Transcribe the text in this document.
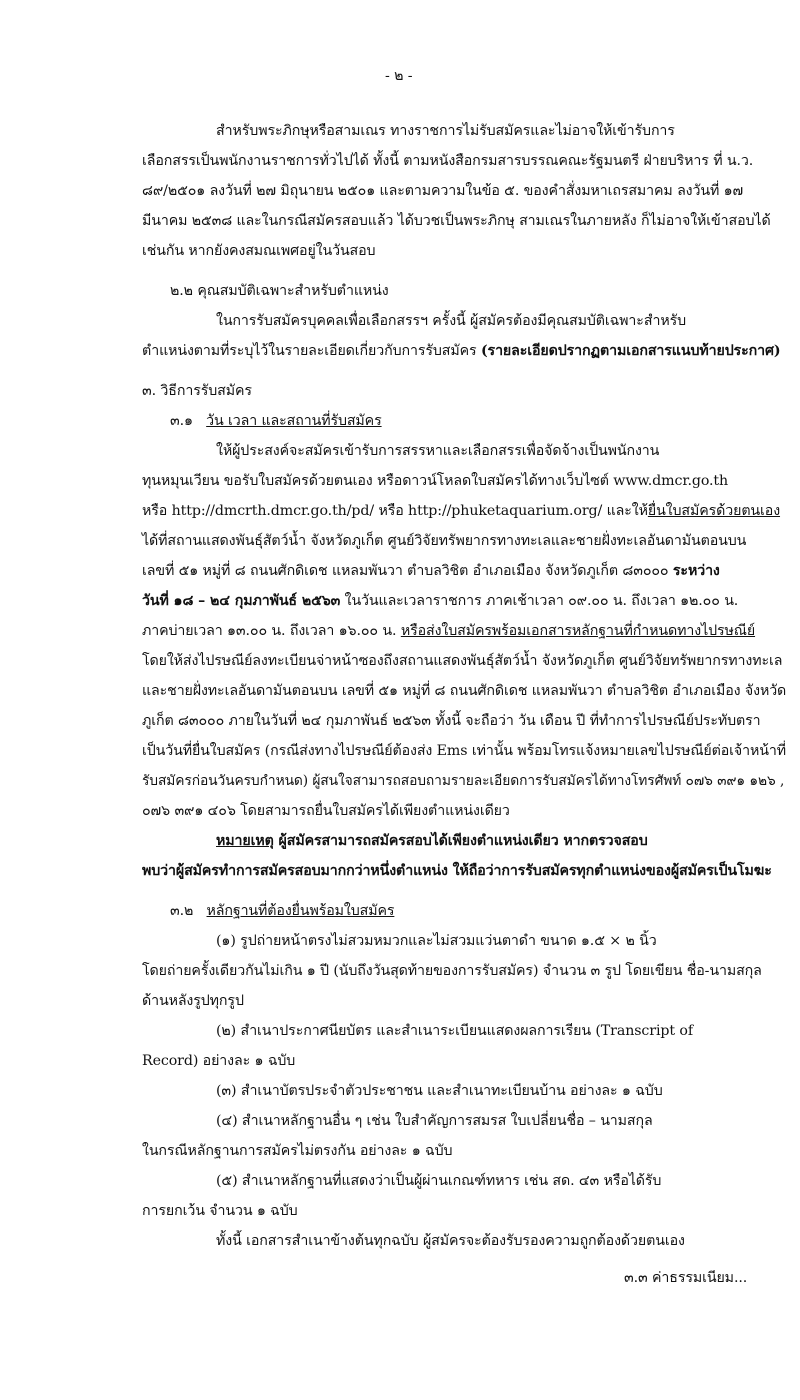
- ๒ -
สำหรับพระภิกษุหรือสามเณร ทางราชการไม่รับสมัครและไม่อาจให้เข้ารับการ
เลือกสรรเป็นพนักงานราชการทั่วไปได้ ทั้งนี้ ตามหนังสือกรมสารบรรณคณะรัฐมนตรี ฝ่ายบริหาร ที่ น.ว.
๘๙/๒๕๐๑ ลงวันที่ ๒๗ มิถุนายน ๒๕๐๑ และตามความในข้อ ๕. ของคำสั่งมหาเถรสมาคม ลงวันที่ ๑๗
มีนาคม ๒๕๓๘ และในกรณีสมัครสอบแล้ว ได้บวชเป็นพระภิกษุ สามเณรในภายหลัง ก็ไม่อาจให้เข้าสอบได้
เช่นกัน หากยังคงสมณเพศอยู่ในวันสอบ
๒.๒ คุณสมบัติเฉพาะสำหรับตำแหน่ง
ในการรับสมัครบุคคลเพื่อเลือกสรรฯ ครั้งนี้ ผู้สมัครต้องมีคุณสมบัติเฉพาะสำหรับ
ตำแหน่งตามที่ระบุไว้ในรายละเอียดเกี่ยวกับการรับสมัคร (รายละเอียดปรากฏตามเอกสารแนบท้ายประกาศ)
๓. วิธีการรับสมัคร
๓.๑ วัน เวลา และสถานที่รับสมัคร
ให้ผู้ประสงค์จะสมัครเข้ารับการสรรหาและเลือกสรรเพื่อจัดจ้างเป็นพนักงาน
ทุนหมุนเวียน ขอรับใบสมัครด้วยตนเอง หรือดาวน์โหลดใบสมัครได้ทางเว็บไซต์ www.dmcr.go.th
หรือ http://dmcrth.dmcr.go.th/pd/ หรือ http://phuketaquarium.org/ และให้ยื่นใบสมัครด้วยตนเอง
ได้ที่สถานแสดงพันธุ์สัตว์น้ำ จังหวัดภูเก็ต ศูนย์วิจัยทรัพยากรทางทะเลและชายฝั่งทะเลอันดามันตอนบน
เลขที่ ๕๑ หมู่ที่ ๘ ถนนศักดิเดช แหลมพันวา ตำบลวิชิต อำเภอเมือง จังหวัดภูเก็ต ๘๓๐๐๐ ระหว่าง
วันที่ ๑๘ – ๒๔ กุมภาพันธ์ ๒๕๖๓ ในวันและเวลาราชการ ภาคเช้าเวลา ๐๙.๐๐ น. ถึงเวลา ๑๒.๐๐ น.
ภาคบ่ายเวลา ๑๓.๐๐ น. ถึงเวลา ๑๖.๐๐ น. หรือส่งใบสมัครพร้อมเอกสารหลักฐานที่กำหนดทางไปรษณีย์
โดยให้ส่งไปรษณีย์ลงทะเบียนจ่าหน้าซองถึงสถานแสดงพันธุ์สัตว์น้ำ จังหวัดภูเก็ต ศูนย์วิจัยทรัพยากรทางทะเล
และชายฝั่งทะเลอันดามันตอนบน เลขที่ ๕๑ หมู่ที่ ๘ ถนนศักดิเดช แหลมพันวา ตำบลวิชิต อำเภอเมือง จังหวัด
ภูเก็ต ๘๓๐๐๐ ภายในวันที่ ๒๔ กุมภาพันธ์ ๒๕๖๓ ทั้งนี้ จะถือว่า วัน เดือน ปี ที่ทำการไปรษณีย์ประทับตรา
เป็นวันที่ยื่นใบสมัคร (กรณีส่งทางไปรษณีย์ต้องส่ง Ems เท่านั้น พร้อมโทรแจ้งหมายเลขไปรษณีย์ต่อเจ้าหน้าที่
รับสมัครก่อนวันครบกำหนด) ผู้สนใจสามารถสอบถามรายละเอียดการรับสมัครได้ทางโทรศัพท์ ๐๗๖ ๓๙๑ ๑๒๖ ,
๐๗๖ ๓๙๑ ๔๐๖ โดยสามารถยื่นใบสมัครได้เพียงตำแหน่งเดียว
หมายเหตุ ผู้สมัครสามารถสมัครสอบได้เพียงตำแหน่งเดียว หากตรวจสอบ
พบว่าผู้สมัครทำการสมัครสอบมากกว่าหนึ่งตำแหน่ง ให้ถือว่าการรับสมัครทุกตำแหน่งของผู้สมัครเป็นโมฆะ
๓.๒ หลักฐานที่ต้องยื่นพร้อมใบสมัคร
(๑) รูปถ่ายหน้าตรงไม่สวมหมวกและไม่สวมแว่นตาดำ ขนาด ๑.๕ × ๒ นิ้ว
โดยถ่ายครั้งเดียวกันไม่เกิน ๑ ปี (นับถึงวันสุดท้ายของการรับสมัคร) จำนวน ๓ รูป โดยเขียน ชื่อ-นามสกุล
ด้านหลังรูปทุกรูป
(๒) สำเนาประกาศนียบัตร และสำเนาระเบียนแสดงผลการเรียน (Transcript of
Record) อย่างละ ๑ ฉบับ
(๓) สำเนาบัตรประจำตัวประชาชน และสำเนาทะเบียนบ้าน อย่างละ ๑ ฉบับ
(๔) สำเนาหลักฐานอื่น ๆ เช่น ใบสำคัญการสมรส ใบเปลี่ยนชื่อ – นามสกุล
ในกรณีหลักฐานการสมัครไม่ตรงกัน อย่างละ ๑ ฉบับ
(๕) สำเนาหลักฐานที่แสดงว่าเป็นผู้ผ่านเกณฑ์ทหาร เช่น สด. ๔๓ หรือได้รับ
การยกเว้น จำนวน ๑ ฉบับ
ทั้งนี้ เอกสารสำเนาข้างต้นทุกฉบับ ผู้สมัครจะต้องรับรองความถูกต้องด้วยตนเอง
๓.๓ ค่าธรรมเนียม...
